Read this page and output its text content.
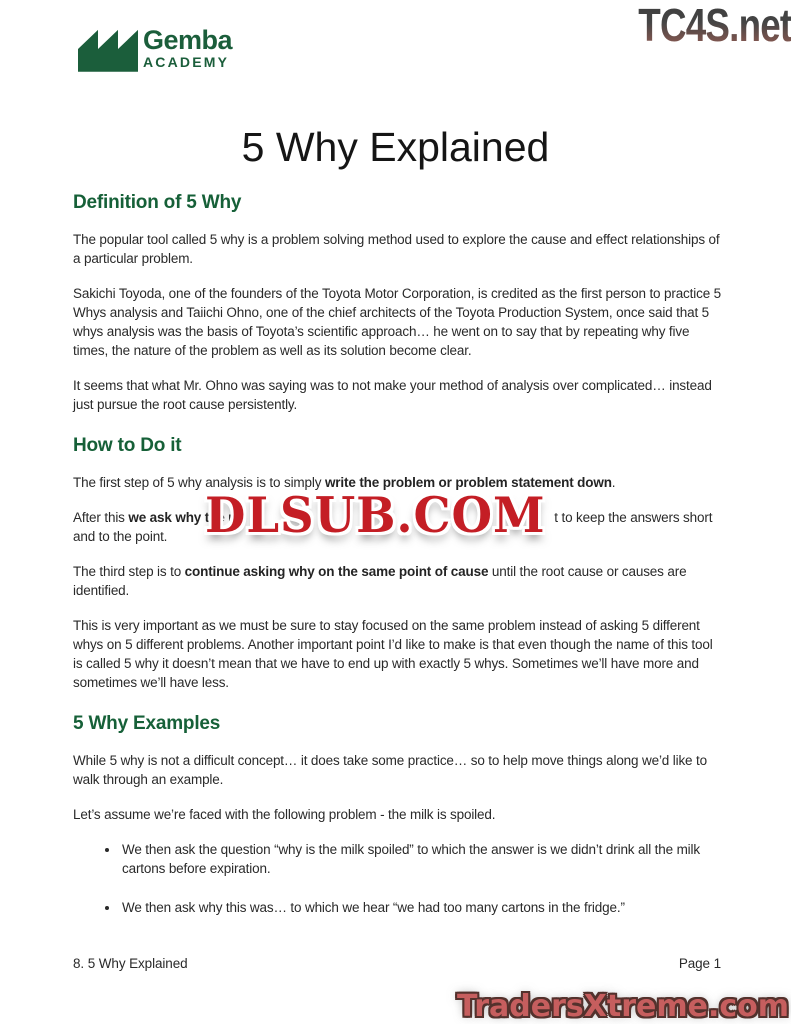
Gemba
ACADEMY
TC4S.net
5 Why Explained
Definition of 5 Why

The popular tool called 5 why is a problem solving method used to explore the cause and effect relationships of a particular problem.

Sakichi Toyoda, one of the founders of the Toyota Motor Corporation, is credited as the first person to practice 5 Whys analysis and Taiichi Ohno, one of the chief architects of the Toyota Production System, once said that 5 whys analysis was the basis of Toyota’s scientific approach… he went on to say that by repeating why five times, the nature of the problem as well as its solution become clear.

It seems that what Mr. Ohno was saying was to not make your method of analysis over complicated… instead just pursue the root cause persistently.

How to Do it

The first step of 5 why analysis is to simply write the problem or problem statement down.

After this we ask why the p	t to keep the answers short and to the point. DLSUB.COM

The third step is to continue asking why on the same point of cause until the root cause or causes are identified.

This is very important as we must be sure to stay focused on the same problem instead of asking 5 different whys on 5 different problems. Another important point I’d like to make is that even though the name of this tool is called 5 why it doesn’t mean that we have to end up with exactly 5 whys. Sometimes we’ll have more and sometimes we’ll have less.

5 Why Examples

While 5 why is not a difficult concept… it does take some practice… so to help move things along we’d like to walk through an example.

Let’s assume we’re faced with the following problem - the milk is spoiled.

• We then ask the question “why is the milk spoiled” to which the answer is we didn’t drink all the milk cartons before expiration.
• We then ask why this was… to which we hear “we had too many cartons in the fridge.”
8. 5 Why Explained	Page 1
TradersXtreme.com
